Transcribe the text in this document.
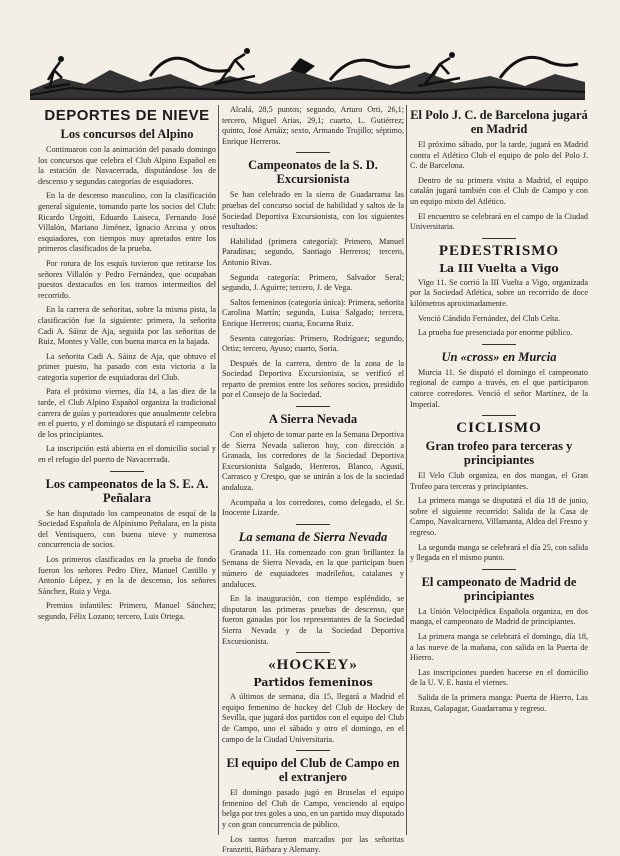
DEPORTES DE NIEVE
Los concursos del Alpino

Continuaron con la animación del pasado domingo los concursos que celebra el Club Alpino Español en la estación de Navacerrada, disputándose los de descenso y segundas categorías de esquiadores.

En la de descenso masculino, con la clasificación general siguiente, tomando parte los socios del Club: Ricardo Urgoiti, Eduardo Laiseca, Fernando José Villalón, Mariano Jiménez, Ignacio Arcusa y otros esquiadores, con tiempos muy apretados entre los primeros clasificados de la prueba.

Por rotura de los esquís tuvieron que retirarse los señores Villalón y Pedro Fernández, que ocupaban puestos destacados en los tramos intermedios del recorrido.

En la carrera de señoritas, sobre la misma pista, la clasificación fue la siguiente: primera, la señorita Cadi A. Sáinz de Aja, seguida por las señoritas de Ruiz, Montes y Valle, con buena marca en la bajada.

La señorita Cadi A. Sáinz de Aja, que obtuvo el primer puesto, ha pasado con esta victoria a la categoría superior de esquiadoras del Club.

Para el próximo viernes, día 14, a las diez de la tarde, el Club Alpino Español organiza la tradicional carrera de guías y porteadores que anualmente celebra en el puerto, y el domingo se disputará el campeonato de los principiantes.

La inscripción está abierta en el domicilio social y en el refugio del puerto de Navacerrada.

Los campeonatos de la S. E. A. Peñalara

Se han disputado los campeonatos de esquí de la Sociedad Española de Alpinismo Peñalara, en la pista del Ventisquero, con buena nieve y numerosa concurrencia de socios.

Los primeros clasificados en la prueba de fondo fueron los señores Pedro Diez, Manuel Castillo y Antonio López, y en la de descenso, los señores Sánchez, Ruiz y Vega.

Premios infantiles: Primero, Manuel Sánchez; segundo, Félix Lozano; tercero, Luis Ortega.

Alcalá, 28,5 puntos; segundo, Arturo Orti, 26,1; tercero, Miguel Arias, 29,1; cuarto, L. Gutiérrez; quinto, José Arnáiz; sexto, Armando Trujillo; séptimo, Enrique Herreros.

Campeonatos de la S. D. Excursionista

Se han celebrado en la sierra de Guadarrama las pruebas del concurso social de habilidad y saltos de la Sociedad Deportiva Excursionista, con los siguientes resultados:

Habilidad (primera categoría): Primero, Manuel Paradinas; segundo, Santiago Herreros; tercero, Antonio Rivas.

Segunda categoría: Primero, Salvador Seral; segundo, J. Aguirre; tercero, J. de Vega.

Saltos femeninos (categoría única): Primera, señorita Carolina Martín; segunda, Luisa Salgado; tercera, Enrique Herreros; cuarta, Encarna Ruiz.

Sesenta categorías: Primero, Rodríguez; segundo, Ortiz; tercero, Ayuso; cuarto, Soria.

Después de la carrera, dentro de la zona de la Sociedad Deportiva Excursionista, se verificó el reparto de premios entre los señores socios, presidido por el Consejo de la Sociedad.

A Sierra Nevada

Con el objeto de tomar parte en la Semana Deportiva de Sierra Nevada salieron hoy, con dirección a Granada, los corredores de la Sociedad Deportiva Excursionista Salgado, Herreros, Blanco, Agustí, Carrasco y Crespo, que se unirán a los de la sociedad andaluza.

Acompaña a los corredores, como delegado, el Sr. Inocente Lizarde.

La semana de Sierra Nevada

Granada 11. Ha comenzado con gran brillantez la Semana de Sierra Nevada, en la que participan buen número de esquiadores madrileños, catalanes y andaluces.

En la inauguración, con tiempo espléndido, se disputaron las primeras pruebas de descenso, que fueron ganadas por los representantes de la Sociedad Sierra Nevada y de la Sociedad Deportiva Excursionista.

«HOCKEY»
Partidos femeninos

A últimos de semana, día 15, llegará a Madrid el equipo femenino de hockey del Club de Hockey de Sevilla, que jugará dos partidos con el equipo del Club de Campo, uno el sábado y otro el domingo, en el campo de la Ciudad Universitaria.

El equipo del Club de Campo en el extranjero

El domingo pasado jugó en Bruselas el equipo femenino del Club de Campo, venciendo al equipo belga por tres goles a uno, en un partido muy disputado y con gran concurrencia de público.

Los tantos fueron marcados por las señoritas Franzetti, Bárbara y Alemany.

El Polo J. C. de Barcelona jugará en Madrid

El próximo sábado, por la tarde, jugará en Madrid contra el Atlético Club el equipo de polo del Polo J. C. de Barcelona.

Dentro de su primera visita a Madrid, el equipo catalán jugará también con el Club de Campo y con un equipo mixto del Atlético.

El encuentro se celebrará en el campo de la Ciudad Universitaria.

PEDESTRISMO
La III Vuelta a Vigo

Vigo 11. Se corrió la III Vuelta a Vigo, organizada por la Sociedad Atlética, sobre un recorrido de doce kilómetros aproximadamente.

Venció Cándido Fernández, del Club Celta.

La prueba fue presenciada por enorme público.

Un «cross» en Murcia

Murcia 11. Se disputó el domingo el campeonato regional de campo a través, en el que participaron catorce corredores. Venció el señor Martínez, de la Imperial.

CICLISMO
Gran trofeo para terceras y principiantes

El Velo Club organiza, en dos mangas, el Gran Trofeo para terceras y principiantes.

La primera manga se disputará el día 18 de junio, sobre el siguiente recorrido: Salida de la Casa de Campo, Navalcarnero, Villamanta, Aldea del Fresno y regreso.

La segunda manga se celebrará el día 25, con salida y llegada en el mismo punto.

El campeonato de Madrid de principiantes

La Unión Velocipédica Española organiza, en dos manga, el campeonato de Madrid de principiantes.

La primera manga se celebrará el domingo, día 18, a las nueve de la mañana, con salida en la Puerta de Hierro.

Las inscripciones pueden hacerse en el domicilio de la U. V. E. hasta el viernes.

Salida de la primera manga: Puerta de Hierro, Las Rozas, Galapagar, Guadarrama y regreso.
